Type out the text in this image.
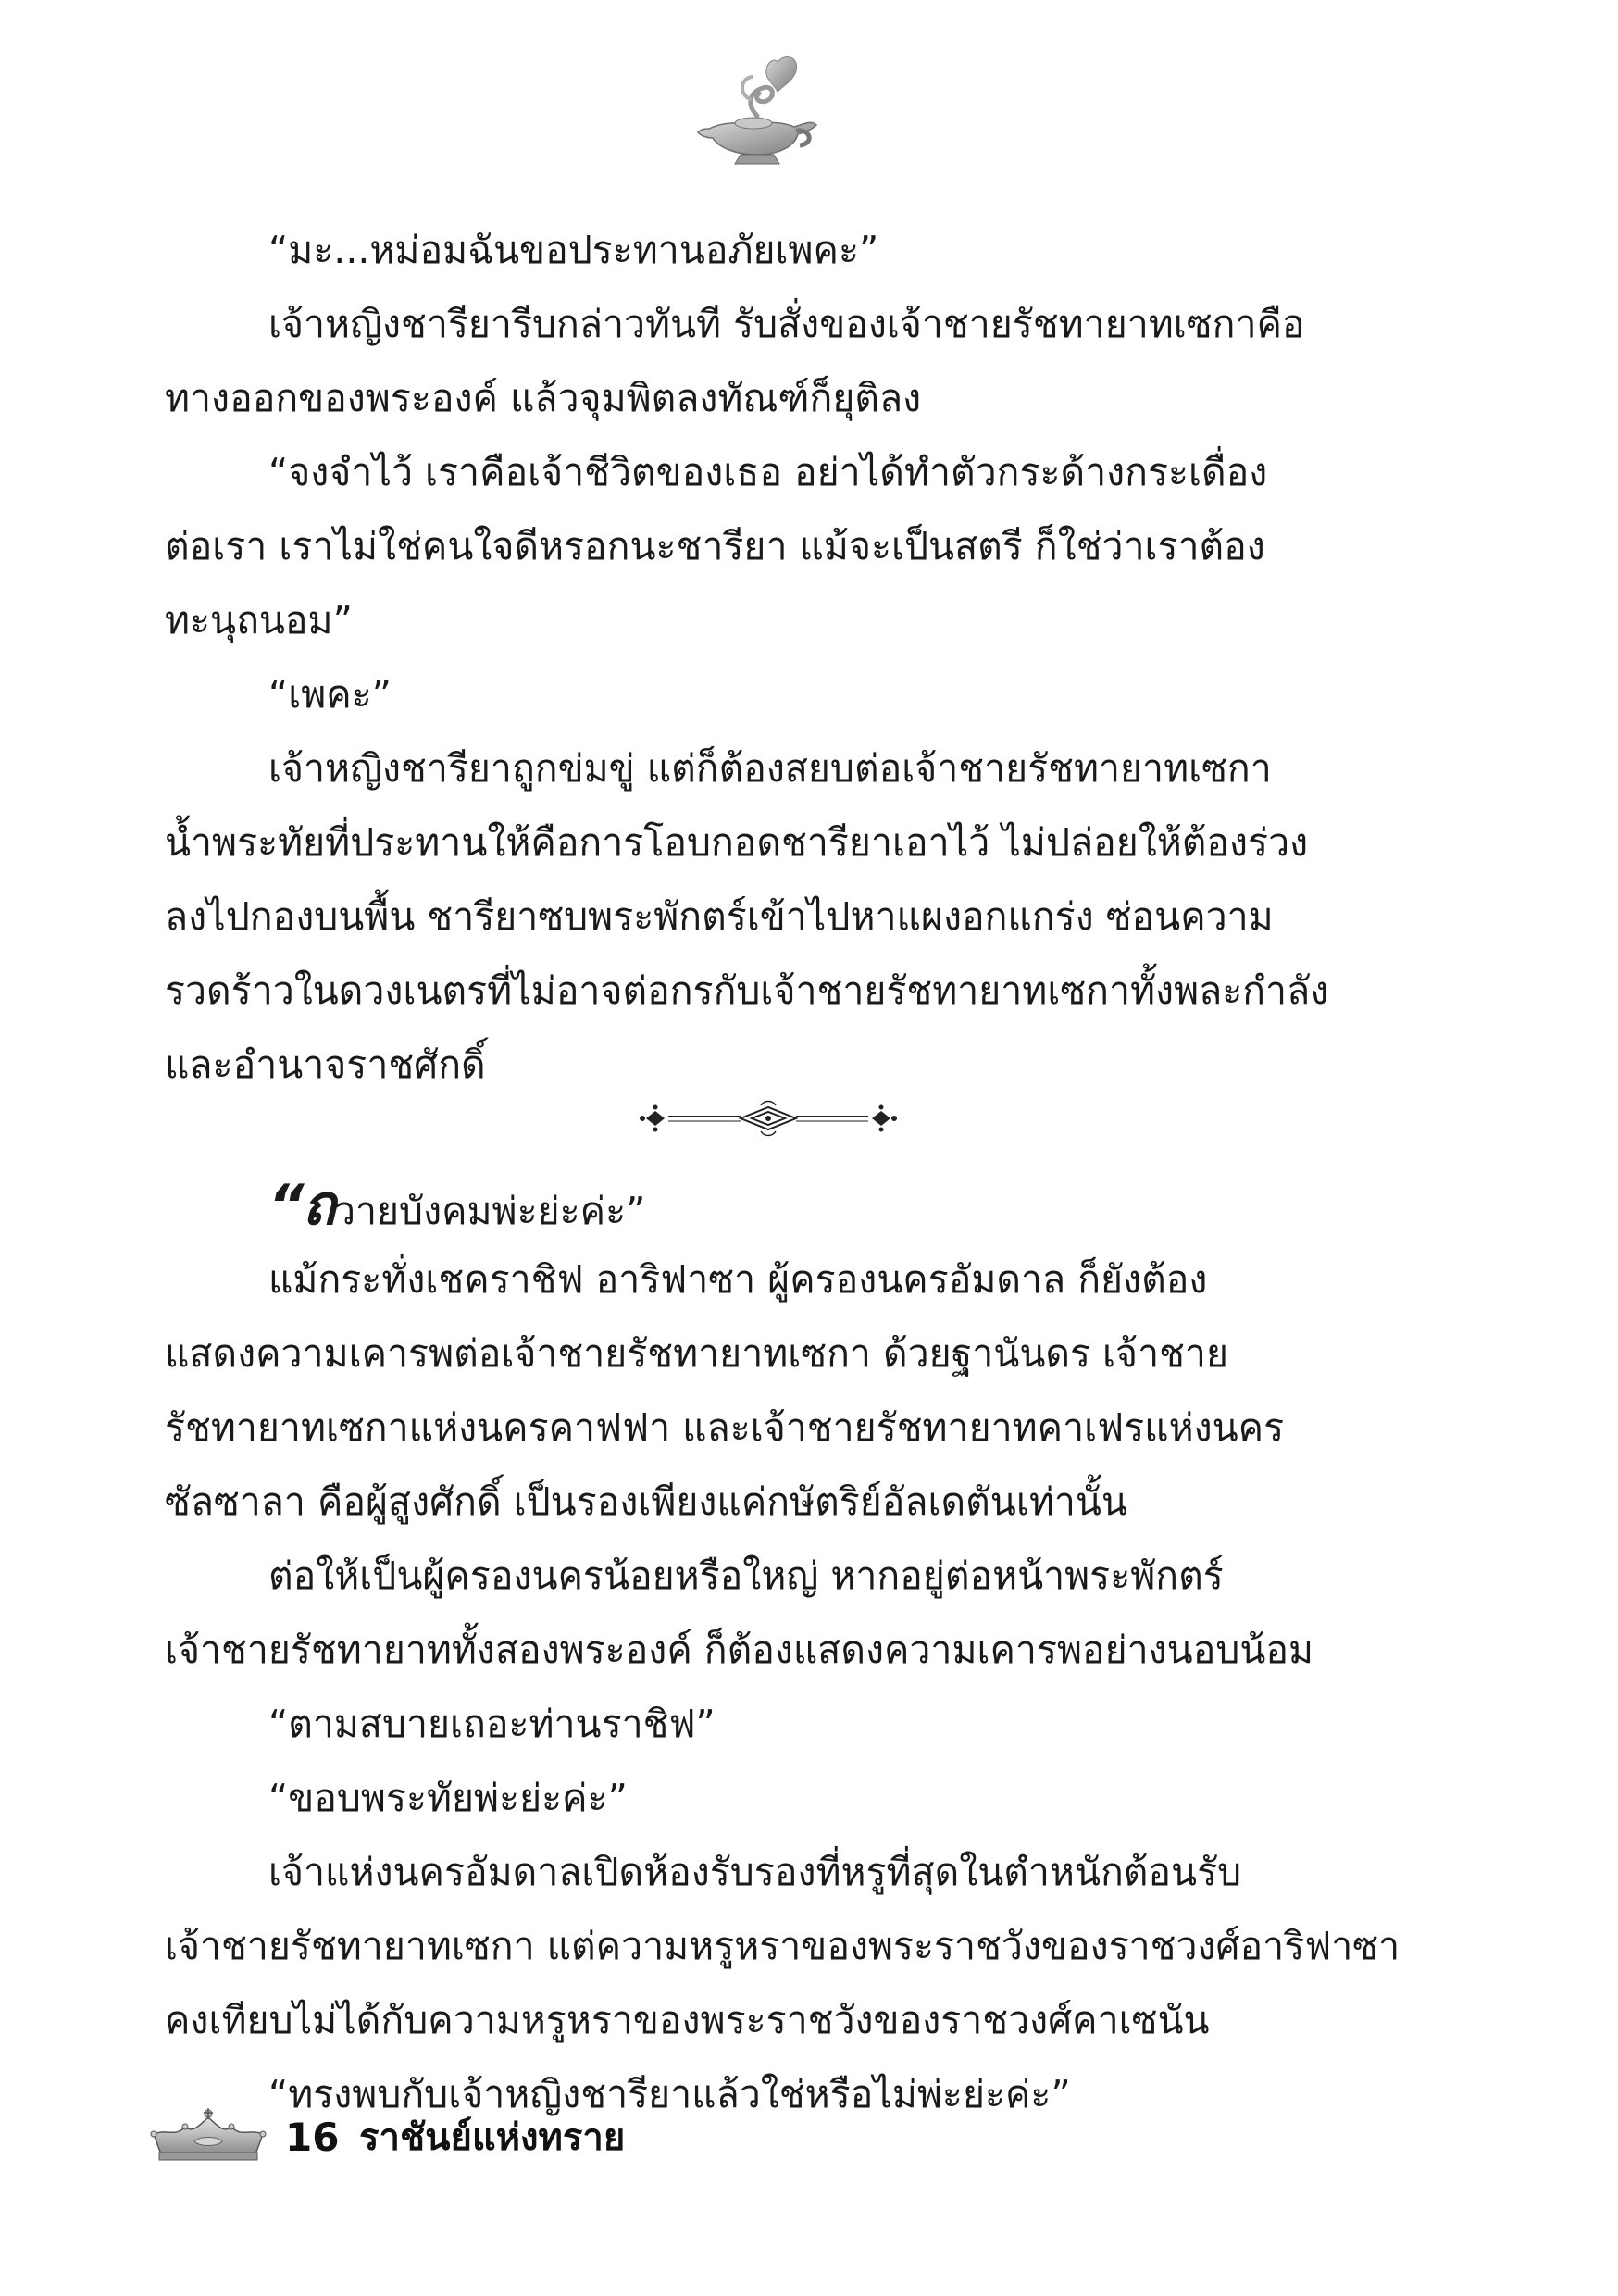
“มะ...หม่อมฉันขอประทานอภัยเพคะ”
เจ้าหญิงชารียารีบกล่าวทันที รับสั่งของเจ้าชายรัชทายาทเซกาคือ
ทางออกของพระองค์ แล้วจุมพิตลงทัณฑ์ก็ยุติลง
“จงจำไว้ เราคือเจ้าชีวิตของเธอ อย่าได้ทำตัวกระด้างกระเดื่อง
ต่อเรา เราไม่ใช่คนใจดีหรอกนะชารียา แม้จะเป็นสตรี ก็ใช่ว่าเราต้อง
ทะนุถนอม”
“เพคะ”
เจ้าหญิงชารียาถูกข่มขู่ แต่ก็ต้องสยบต่อเจ้าชายรัชทายาทเซกา
น้ำพระทัยที่ประทานให้คือการโอบกอดชารียาเอาไว้ ไม่ปล่อยให้ต้องร่วง
ลงไปกองบนพื้น ชารียาซบพระพักตร์เข้าไปหาแผงอกแกร่ง ซ่อนความ
รวดร้าวในดวงเนตรที่ไม่อาจต่อกรกับเจ้าชายรัชทายาทเซกาทั้งพละกำลัง
และอำนาจราชศักดิ์
“ถวายบังคมพ่ะย่ะค่ะ”
แม้กระทั่งเชคราชิฟ อาริฟาซา ผู้ครองนครอัมดาล ก็ยังต้อง
แสดงความเคารพต่อเจ้าชายรัชทายาทเซกา ด้วยฐานันดร เจ้าชาย
รัชทายาทเซกาแห่งนครคาฟฟา และเจ้าชายรัชทายาทคาเฟรแห่งนคร
ซัลซาลา คือผู้สูงศักดิ์ เป็นรองเพียงแค่กษัตริย์อัลเดตันเท่านั้น
ต่อให้เป็นผู้ครองนครน้อยหรือใหญ่ หากอยู่ต่อหน้าพระพักตร์
เจ้าชายรัชทายาททั้งสองพระองค์ ก็ต้องแสดงความเคารพอย่างนอบน้อม
“ตามสบายเถอะท่านราชิฟ”
“ขอบพระทัยพ่ะย่ะค่ะ”
เจ้าแห่งนครอัมดาลเปิดห้องรับรองที่หรูที่สุดในตำหนักต้อนรับ
เจ้าชายรัชทายาทเซกา แต่ความหรูหราของพระราชวังของราชวงศ์อาริฟาซา
คงเทียบไม่ได้กับความหรูหราของพระราชวังของราชวงศ์คาเซนัน
“ทรงพบกับเจ้าหญิงชารียาแล้วใช่หรือไม่พ่ะย่ะค่ะ”
16 ราชันย์แห่งทราย
